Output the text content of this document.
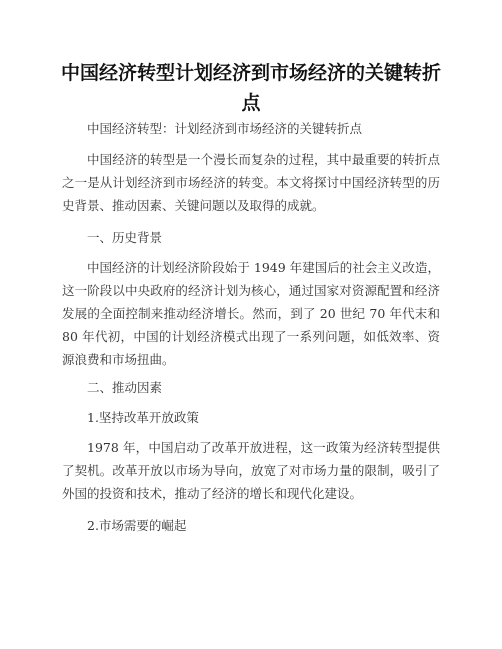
中国经济转型计划经济到市场经济的关键转折点

中国经济转型：计划经济到市场经济的关键转折点

中国经济的转型是一个漫长而复杂的过程，其中最重要的转折点之一是从计划经济到市场经济的转变。本文将探讨中国经济转型的历史背景、推动因素、关键问题以及取得的成就。

一、历史背景

中国经济的计划经济阶段始于 1949 年建国后的社会主义改造，这一阶段以中央政府的经济计划为核心，通过国家对资源配置和经济发展的全面控制来推动经济增长。然而，到了 20 世纪 70 年代末和 80 年代初，中国的计划经济模式出现了一系列问题，如低效率、资源浪费和市场扭曲。

二、推动因素

1.坚持改革开放政策

1978 年，中国启动了改革开放进程，这一政策为经济转型提供了契机。改革开放以市场为导向，放宽了对市场力量的限制，吸引了外国的投资和技术，推动了经济的增长和现代化建设。

2.市场需要的崛起
